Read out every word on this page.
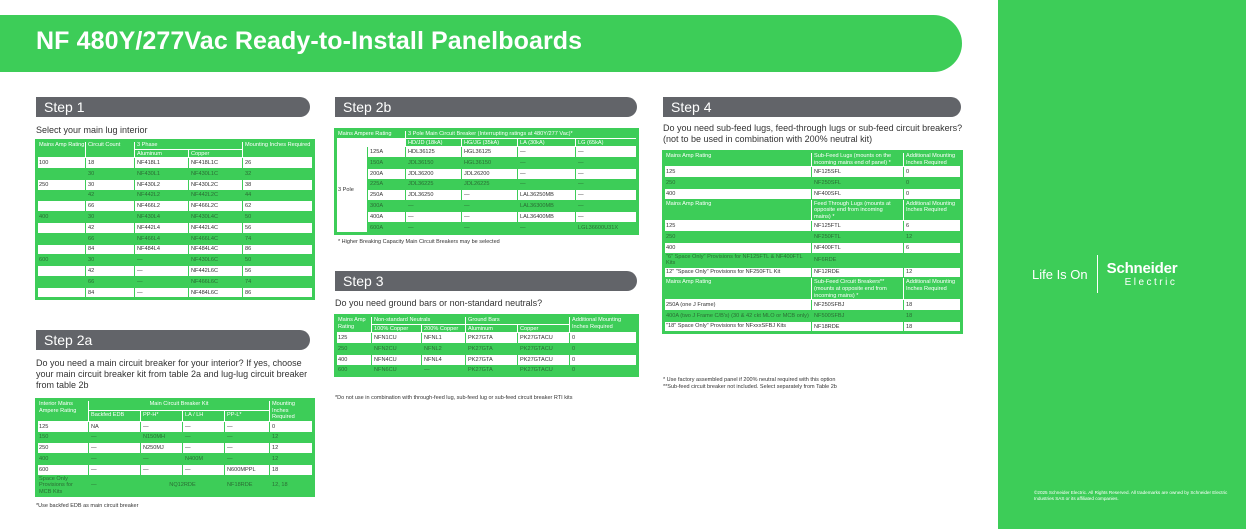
NF 480Y/277Vac Ready-to-Install Panelboards
Life Is On Schneider
Electric
©2025 Schneider Electric. All Rights Reserved. All trademarks are owned by Schneider Electric Industries SAS or its affiliated companies.
Step 1
Select your main lug interior
Mains Amp Rating	Circuit Count	3 Phase		Mounting Inches Required
		Aluminum	Copper	
100	18	NF418L1	NF418L1C	26
	30	NF430L1	NF430L1C	32
250	30	NF430L2	NF430L2C	38
	42	NF442L2	NF442L2C	44
	66	NF466L2	NF466L2C	62
400	30	NF430L4	NF430L4C	50
	42	NF442L4	NF442L4C	56
	66	NF466L4	NF466L4C	74
	84	NF484L4	NF484L4C	86
600	30	—	NF430L6C	50
	42	—	NF442L6C	56
	66	—	NF466L6C	74
	84	—	NF484L6C	86
Step 2a
Do you need a main circuit breaker for your interior? If yes, choose your main circuit breaker kit from table 2a and lug-lug circuit breaker from table 2b
Interior Mains Ampere Rating	Main Circuit Breaker Kit				Mounting Inches Required
	Backfed EDB	PP-H*	LA / LH	PP-L*	
125	NA	—	—	—	0
150	—	N150MH	—	—	12
250	—	N250MJ	—	—	12
400	—	—	N400M	—	12
600	—	—	—	N600MPPL	18
Space Only Provisions for MCB Kits	—	NQ12RDE		NF18RDE	12, 18
*Use backfed EDB as main circuit breaker
Step 2b
Mains Ampere Rating		3 Pole Main Circuit Breaker (Interrupting ratings at 480Y/277 Vac)*			
		HD/JD (18kA)	HG/JG (35kA)	LA (30kA)	LG (65kA)
3 Pole	125A	HDL36125	HGL36125	—	—
	150A	JDL36150	HGL36150	—	—
	200A	JDL36200	JDL26200	—	—
	225A	JDL36225	JDL26225	—	—
	250A	JDL36250	—	LAL36250MB	—
	300A	—	—	LAL36300MB	—
	400A	—	—	LAL36400MB	—
	600A	—	—	—	LGL36600U31X
* Higher Breaking Capacity Main Circuit Breakers may be selected
Step 3
Do you need ground bars or non-standard neutrals?
Mains Amp Rating	Non-standard Neutrals		Ground Bars		Additional Mounting Inches Required
	100% Copper	200% Copper	Aluminum	Copper	
125	NFN1CU	NFNL1	PK27GTA	PK27GTACU	0
250	NFN2CU	NFNL2	PK27GTA	PK27GTACU	0
400	NFN4CU	NFNL4	PK27GTA	PK27GTACU	0
600	NFN6CU	—	PK27GTA	PK27GTACU	0
*Do not use in combination with through-feed lug, sub-feed lug or sub-feed circuit breaker RTI kits
Step 4
Do you need sub-feed lugs, feed-through lugs or sub-feed circuit breakers? (not to be used in combination with 200% neutral kit)
Mains Amp Rating	Sub-Feed Lugs (mounts on the incoming mains end of panel) *	Additional Mounting Inches Required
125	NF125SFL	0
250	NF250SFL	0
400	NF400SFL	0
Mains Amp Rating	Feed Through Lugs (mounts at opposite end from incoming mains) *	Additional Mounting Inches Required
125	NF125FTL	6
250	NF250FTL	12
400	NF400FTL	6
"6" Space Only" Provisions for NF125FTL & NF400FTL Kits	NF6RDE	
12" "Space Only" Provisions for NF250FTL Kit	NF12RDE	12
Mains Amp Rating	Sub-Feed Circuit Breakers** (mounts at opposite end from incoming mains) *	Additional Mounting Inches Required
250A (one J Frame)	NF250SFBJ	18
400A (two J Frame C/B's) (30 & 42 ckt MLO or MCB only)	NF500SFBJ	18
"18" Space Only" Provisions for NFxxxSFBJ Kits	NF18RDE	18
* Use factory assembled panel if 200% neutral required with this option
**Sub-feed circuit breaker not included. Select separately from Table 2b
